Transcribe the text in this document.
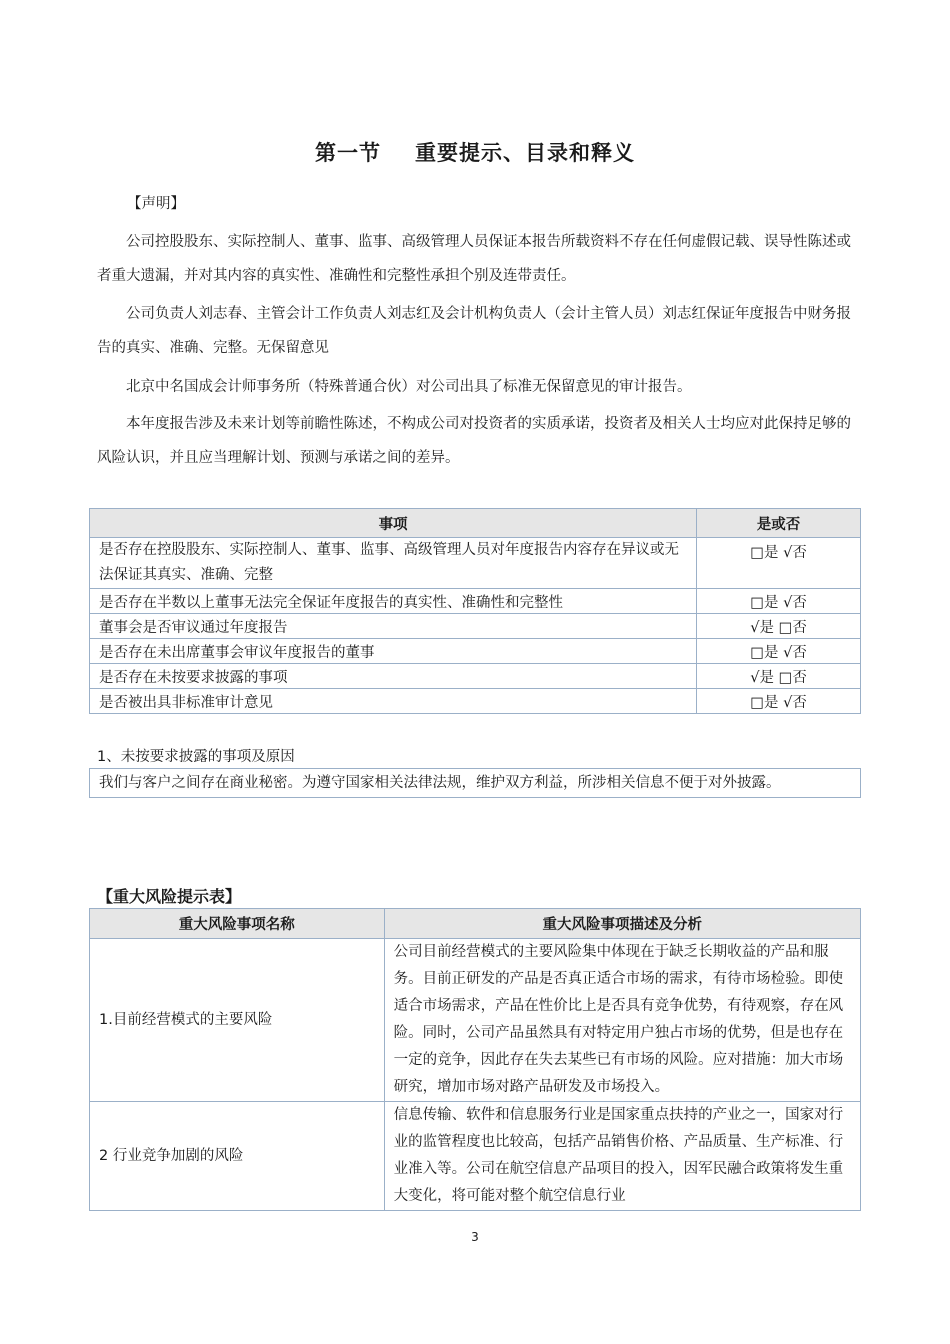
第一节 重要提示、目录和释义
【声明】
公司控股股东、实际控制人、董事、监事、高级管理人员保证本报告所载资料不存在任何虚假记载、误导性陈述或者重大遗漏，并对其内容的真实性、准确性和完整性承担个别及连带责任。
公司负责人刘志春、主管会计工作负责人刘志红及会计机构负责人（会计主管人员）刘志红保证年度报告中财务报告的真实、准确、完整。无保留意见
北京中名国成会计师事务所（特殊普通合伙）对公司出具了标准无保留意见的审计报告。
本年度报告涉及未来计划等前瞻性陈述，不构成公司对投资者的实质承诺，投资者及相关人士均应对此保持足够的风险认识，并且应当理解计划、预测与承诺之间的差异。
事项	是或否
是否存在控股股东、实际控制人、董事、监事、高级管理人员对年度报告内容存在异议或无法保证其真实、准确、完整	□是 √否
是否存在半数以上董事无法完全保证年度报告的真实性、准确性和完整性	□是 √否
董事会是否审议通过年度报告	√是 □否
是否存在未出席董事会审议年度报告的董事	□是 √否
是否存在未按要求披露的事项	√是 □否
是否被出具非标准审计意见	□是 √否
1、未按要求披露的事项及原因
我们与客户之间存在商业秘密。为遵守国家相关法律法规，维护双方利益，所涉相关信息不便于对外披露。
【重大风险提示表】
重大风险事项名称	重大风险事项描述及分析
1.目前经营模式的主要风险	公司目前经营模式的主要风险集中体现在于缺乏长期收益的产品和服务。目前正研发的产品是否真正适合市场的需求，有待市场检验。即使适合市场需求，产品在性价比上是否具有竞争优势，有待观察，存在风险。同时，公司产品虽然具有对特定用户独占市场的优势，但是也存在一定的竞争，因此存在失去某些已有市场的风险。应对措施：加大市场研究，增加市场对路产品研发及市场投入。
2 行业竞争加剧的风险	信息传输、软件和信息服务行业是国家重点扶持的产业之一，国家对行业的监管程度也比较高，包括产品销售价格、产品质量、生产标准、行业准入等。公司在航空信息产品项目的投入，因军民融合政策将发生重大变化，将可能对整个航空信息行业
3
